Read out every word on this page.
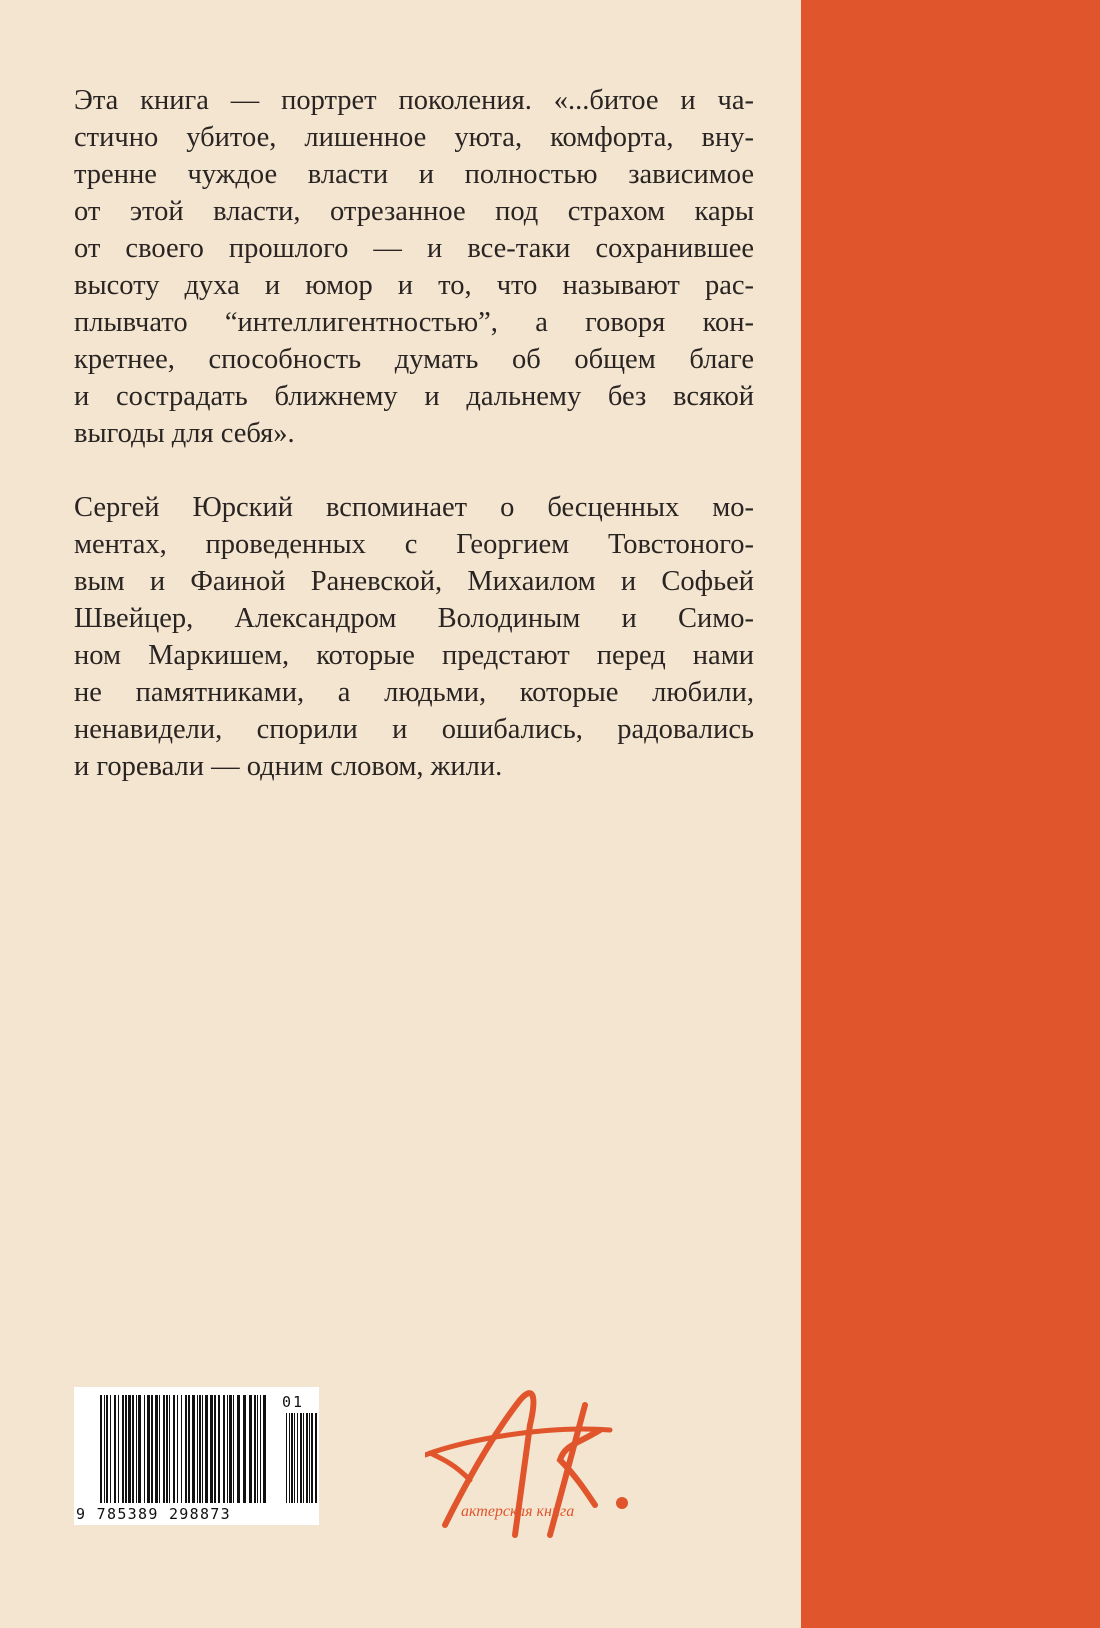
Эта книга — портрет поколения. «...битое и ча-
стично убитое, лишенное уюта, комфорта, вну-
тренне чуждое власти и полностью зависимое
от этой власти, отрезанное под страхом кары
от своего прошлого — и все-таки сохранившее
высоту духа и юмор и то, что называют рас-
плывчато “интеллигентностью”, а говоря кон-
кретнее, способность думать об общем благе
и сострадать ближнему и дальнему без всякой
выгоды для себя».

Сергей Юрский вспоминает о бесценных мо-
ментах, проведенных с Георгием Товстоного-
вым и Фаиной Раневской, Михаилом и Софьей
Швейцер, Александром Володиным и Симо-
ном Маркишем, которые предстают перед нами
не памятниками, а людьми, которые любили,
ненавидели, спорили и ошибались, радовались
и горевали — одним словом, жили.

01
9 785389 298873	актерская книга
